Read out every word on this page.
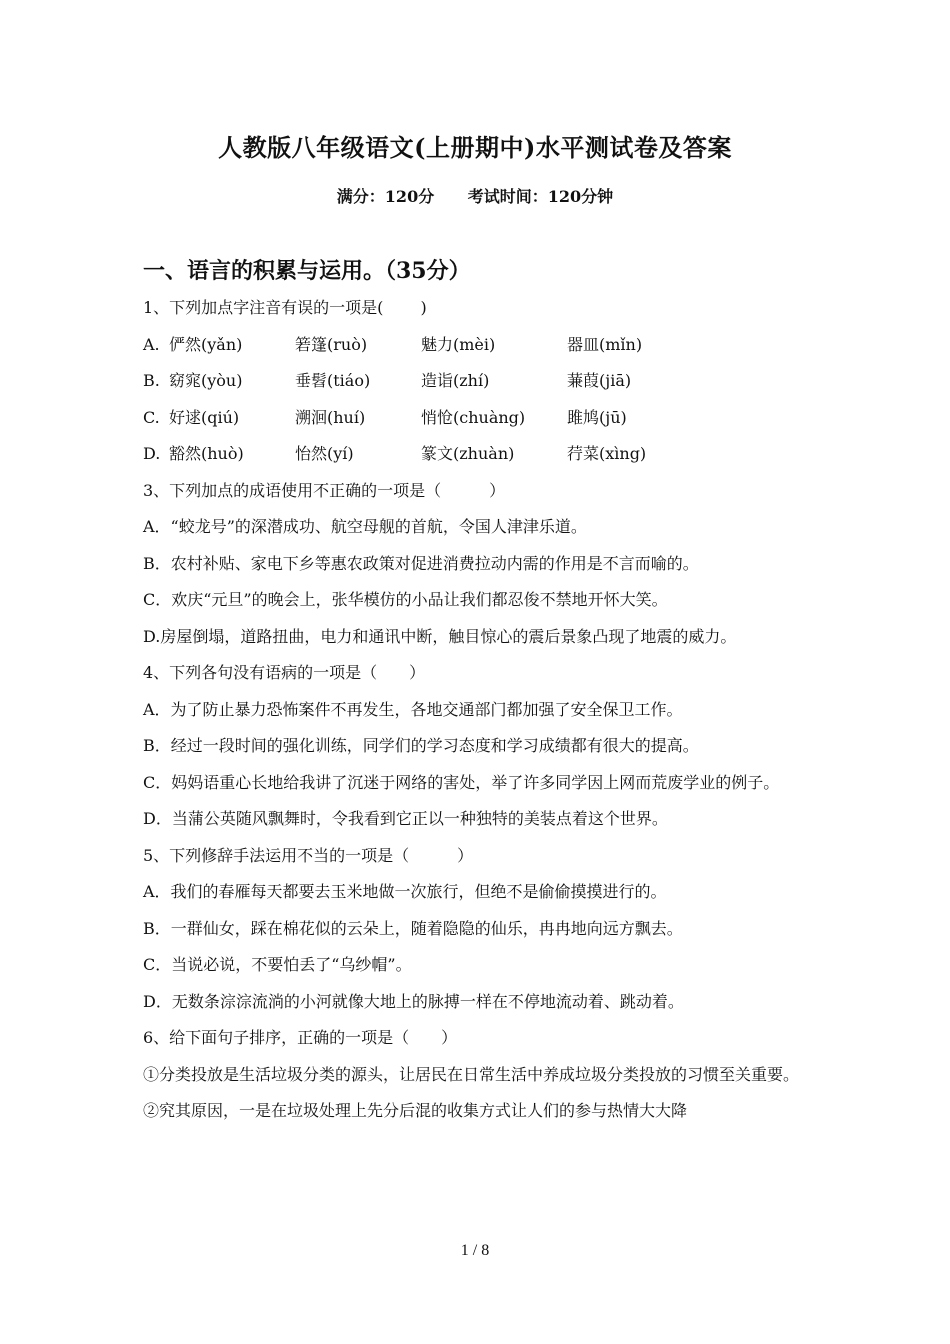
人教版八年级语文(上册期中)水平测试卷及答案
满分：120分 考试时间：120分钟
一、语言的积累与运用。（35分）
1、下列加点字注音有误的一项是(　　 )
A. 俨然(yǎn)	箬篷(ruò)	魅力(mèi)	器皿(mǐn)
B. 窈窕(yòu)	垂髫(tiáo)	造诣(zhí)	蒹葭(jiā)
C. 好逑(qiú)	溯洄(huí)	悄怆(chuàng)	雎鸠(jū)
D. 豁然(huò)	怡然(yí)	篆文(zhuàn)	荇菜(xìng)
3、下列加点的成语使用不正确的一项是（　　　）
A．“蛟龙号”的深潜成功、航空母舰的首航，令国人津津乐道。
B．农村补贴、家电下乡等惠农政策对促进消费拉动内需的作用是不言而喻的。
C．欢庆“元旦”的晚会上，张华模仿的小品让我们都忍俊不禁地开怀大笑。
D.房屋倒塌，道路扭曲，电力和通讯中断，触目惊心的震后景象凸现了地震的威力。
4、下列各句没有语病的一项是（　　）
A．为了防止暴力恐怖案件不再发生，各地交通部门都加强了安全保卫工作。
B．经过一段时间的强化训练，同学们的学习态度和学习成绩都有很大的提高。
C．妈妈语重心长地给我讲了沉迷于网络的害处，举了许多同学因上网而荒废学业的例子。
D．当蒲公英随风飘舞时，令我看到它正以一种独特的美装点着这个世界。
5、下列修辞手法运用不当的一项是（　　　）
A．我们的春雁每天都要去玉米地做一次旅行，但绝不是偷偷摸摸进行的。
B．一群仙女，踩在棉花似的云朵上，随着隐隐的仙乐，冉冉地向远方飘去。
C．当说必说，不要怕丢了“乌纱帽”。
D．无数条淙淙流淌的小河就像大地上的脉搏一样在不停地流动着、跳动着。
6、给下面句子排序，正确的一项是（　　）
①分类投放是生活垃圾分类的源头，让居民在日常生活中养成垃圾分类投放的习惯至关重要。
②究其原因，一是在垃圾处理上先分后混的收集方式让人们的参与热情大大降
1 / 8
